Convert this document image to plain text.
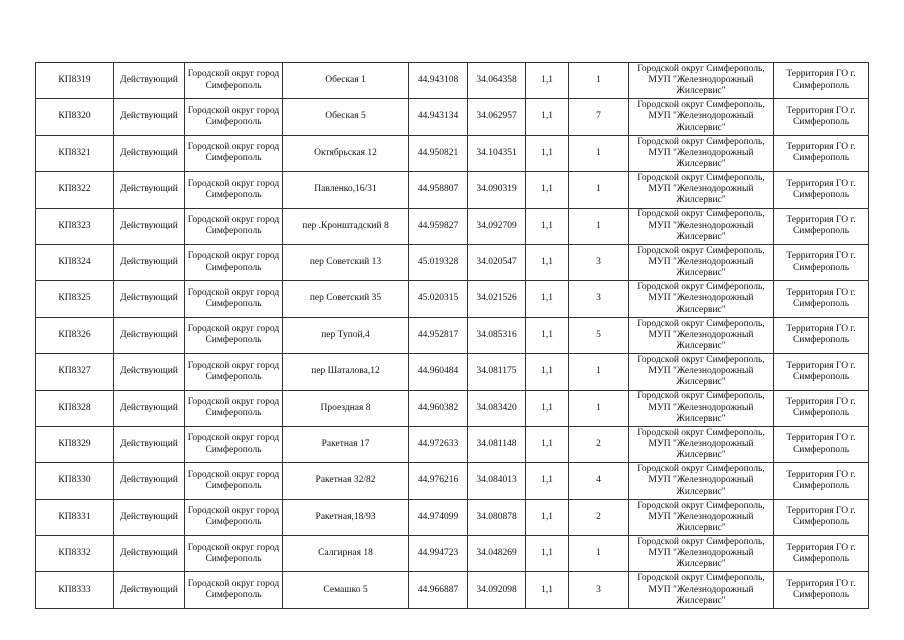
КП8319	Действующий	Городской округ город Симферополь	Обеская 1	44.943108	34.064358	1,1	1	Городской округ Симферополь, МУП "Железнодорожный Жилсервис"	Территория ГО г. Симферополь
КП8320	Действующий	Городской округ город Симферополь	Обеская 5	44.943134	34.062957	1,1	7	Городской округ Симферополь, МУП "Железнодорожный Жилсервис"	Территория ГО г. Симферополь
КП8321	Действующий	Городской округ город Симферополь	Октябрьская 12	44.950821	34.104351	1,1	1	Городской округ Симферополь, МУП "Железнодорожный Жилсервис"	Территория ГО г. Симферополь
КП8322	Действующий	Городской округ город Симферополь	Павленко,16/31	44.958807	34.090319	1,1	1	Городской округ Симферополь, МУП "Железнодорожный Жилсервис"	Территория ГО г. Симферополь
КП8323	Действующий	Городской округ город Симферополь	пер .Кронштадский 8	44.959827	34.092709	1,1	1	Городской округ Симферополь, МУП "Железнодорожный Жилсервис"	Территория ГО г. Симферополь
КП8324	Действующий	Городской округ город Симферополь	пер Советский 13	45.019328	34.020547	1,1	3	Городской округ Симферополь, МУП "Железнодорожный Жилсервис"	Территория ГО г. Симферополь
КП8325	Действующий	Городской округ город Симферополь	пер Советский 35	45.020315	34.021526	1,1	3	Городской округ Симферополь, МУП "Железнодорожный Жилсервис"	Территория ГО г. Симферополь
КП8326	Действующий	Городской округ город Симферополь	пер Тупой,4	44.952817	34.085316	1,1	5	Городской округ Симферополь, МУП "Железнодорожный Жилсервис"	Территория ГО г. Симферополь
КП8327	Действующий	Городской округ город Симферополь	пер Шаталова,12	44.960484	34.081175	1,1	1	Городской округ Симферополь, МУП "Железнодорожный Жилсервис"	Территория ГО г. Симферополь
КП8328	Действующий	Городской округ город Симферополь	Проездная 8	44.960382	34.083420	1,1	1	Городской округ Симферополь, МУП "Железнодорожный Жилсервис"	Территория ГО г. Симферополь
КП8329	Действующий	Городской округ город Симферополь	Ракетная 17	44.972633	34.081148	1,1	2	Городской округ Симферополь, МУП "Железнодорожный Жилсервис"	Территория ГО г. Симферополь
КП8330	Действующий	Городской округ город Симферополь	Ракетная 32/82	44.976216	34.084013	1,1	4	Городской округ Симферополь, МУП "Железнодорожный Жилсервис"	Территория ГО г. Симферополь
КП8331	Действующий	Городской округ город Симферополь	Ракетная,18/93	44.974099	34.080878	1,1	2	Городской округ Симферополь, МУП "Железнодорожный Жилсервис"	Территория ГО г. Симферополь
КП8332	Действующий	Городской округ город Симферополь	Салгирная 18	44.994723	34.048269	1,1	1	Городской округ Симферополь, МУП "Железнодорожный Жилсервис"	Территория ГО г. Симферополь
КП8333	Действующий	Городской округ город Симферополь	Семашко 5	44.966887	34.092098	1,1	3	Городской округ Симферополь, МУП "Железнодорожный Жилсервис"	Территория ГО г. Симферополь
